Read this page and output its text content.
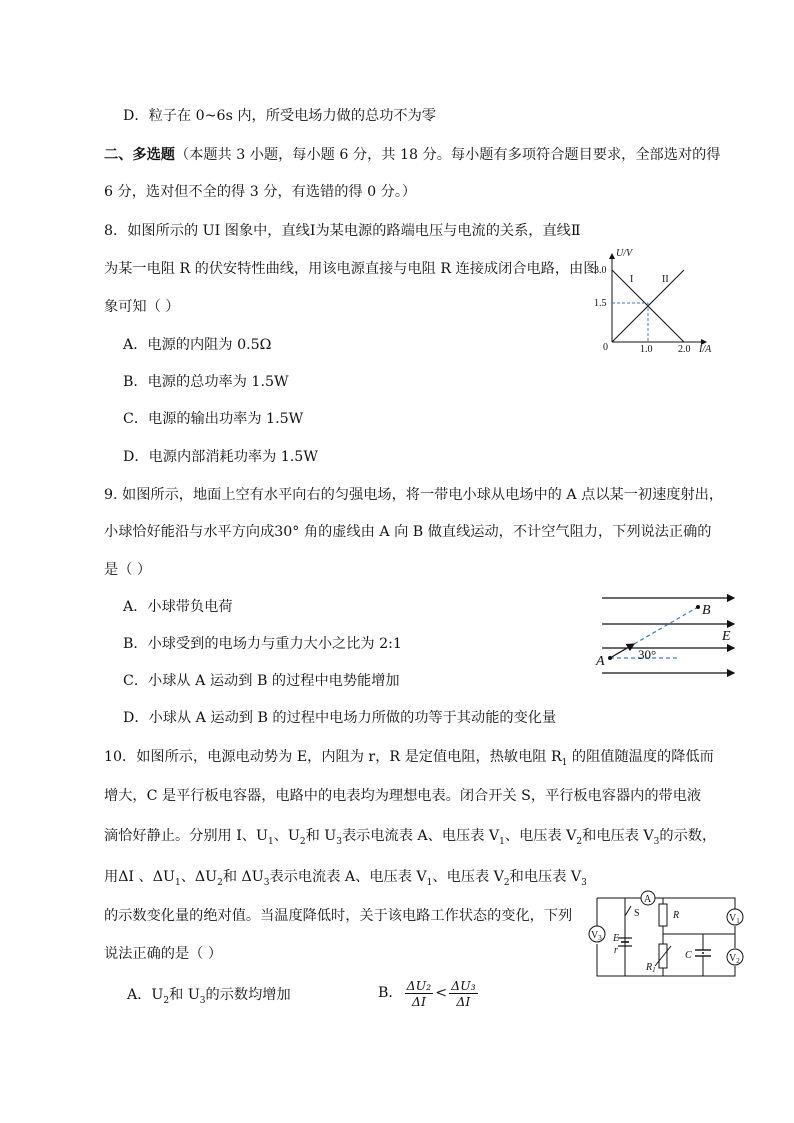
D．粒子在 0~6s 内，所受电场力做的总功不为零
二、多选题（本题共 3 小题，每小题 6 分，共 18 分。每小题有多项符合题目要求，全部选对的得
6 分，选对但不全的得 3 分，有选错的得 0 分。）
8．如图所示的 UI 图象中，直线Ⅰ为某电源的路端电压与电流的关系，直线Ⅱ
为某一电阻 R 的伏安特性曲线，用该电源直接与电阻 R 连接成闭合电路，由图
象可知（ ）
A．电源的内阻为 0.5Ω
B．电源的总功率为 1.5W
C．电源的输出功率为 1.5W
D．电源内部消耗功率为 1.5W
U/V
3.0
1.5
0	1.0	2.0 I/A
I	II
9. 如图所示，地面上空有水平向右的匀强电场，将一带电小球从电场中的 A 点以某一初速度射出，
小球恰好能沿与水平方向成30° 角的虚线由 A 向 B 做直线运动，不计空气阻力，下列说法正确的
是（ ）
A．小球带负电荷
B．小球受到的电场力与重力大小之比为 2:1
C．小球从 A 运动到 B 的过程中电势能增加
D．小球从 A 运动到 B 的过程中电场力所做的功等于其动能的变化量
A
B
E
30°
10．如图所示，电源电动势为 E，内阻为 r，R 是定值电阻，热敏电阻 $R_1$ 的阻值随温度的降低而
增大，C 是平行板电容器，电路中的电表均为理想电表。闭合开关 S，平行板电容器内的带电液
滴恰好静止。分别用 I、$U_1$、$U_2$和 $U_3$表示电流表 A、电压表 $V_1$、电压表 $V_2$和电压表 $V_3$的示数，
用ΔI 、$\Delta U_1$、$\Delta U_2$和 $\Delta U_3$表示电流表 A、电压表 $V_1$、电压表 $V_2$和电压表 $V_3$
的示数变化量的绝对值。当温度降低时，关于该电路工作状态的变化，下列
说法正确的是（ ）
A．$U_2$和 $U_3$的示数均增加	B． $\frac{\text{ΔU₂}}{\Delta I} < \frac{\text{ΔU₃}}{\Delta I}$
A
$V_3$
$V_1$
$V_2$
S
E
r
R
$R_1$
C
